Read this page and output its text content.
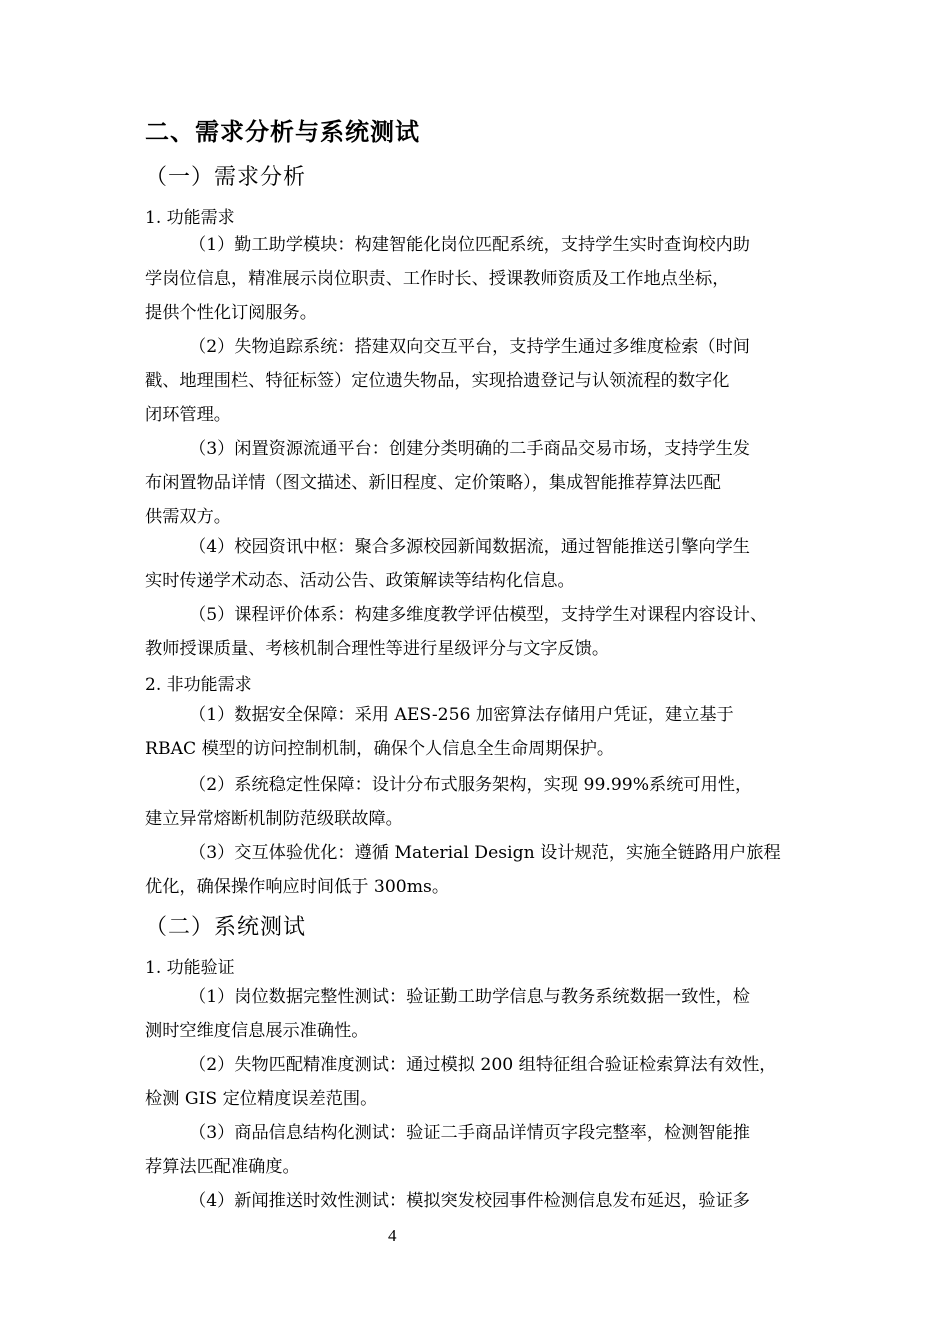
二、需求分析与系统测试
（一）需求分析
1. 功能需求
（1）勤工助学模块：构建智能化岗位匹配系统，支持学生实时查询校内助
学岗位信息，精准展示岗位职责、工作时长、授课教师资质及工作地点坐标，
提供个性化订阅服务。
（2）失物追踪系统：搭建双向交互平台，支持学生通过多维度检索（时间
戳、地理围栏、特征标签）定位遗失物品，实现拾遗登记与认领流程的数字化
闭环管理。
（3）闲置资源流通平台：创建分类明确的二手商品交易市场，支持学生发
布闲置物品详情（图文描述、新旧程度、定价策略），集成智能推荐算法匹配
供需双方。
（4）校园资讯中枢：聚合多源校园新闻数据流，通过智能推送引擎向学生
实时传递学术动态、活动公告、政策解读等结构化信息。
（5）课程评价体系：构建多维度教学评估模型，支持学生对课程内容设计、
教师授课质量、考核机制合理性等进行星级评分与文字反馈。
2. 非功能需求
（1）数据安全保障：采用 AES-256 加密算法存储用户凭证，建立基于
RBAC 模型的访问控制机制，确保个人信息全生命周期保护。
（2）系统稳定性保障：设计分布式服务架构，实现 99.99%系统可用性，
建立异常熔断机制防范级联故障。
（3）交互体验优化：遵循 Material Design 设计规范，实施全链路用户旅程
优化，确保操作响应时间低于 300ms。
（二）系统测试
1. 功能验证
（1）岗位数据完整性测试：验证勤工助学信息与教务系统数据一致性，检
测时空维度信息展示准确性。
（2）失物匹配精准度测试：通过模拟 200 组特征组合验证检索算法有效性，
检测 GIS 定位精度误差范围。
（3）商品信息结构化测试：验证二手商品详情页字段完整率，检测智能推
荐算法匹配准确度。
（4）新闻推送时效性测试：模拟突发校园事件检测信息发布延迟，验证多
4
